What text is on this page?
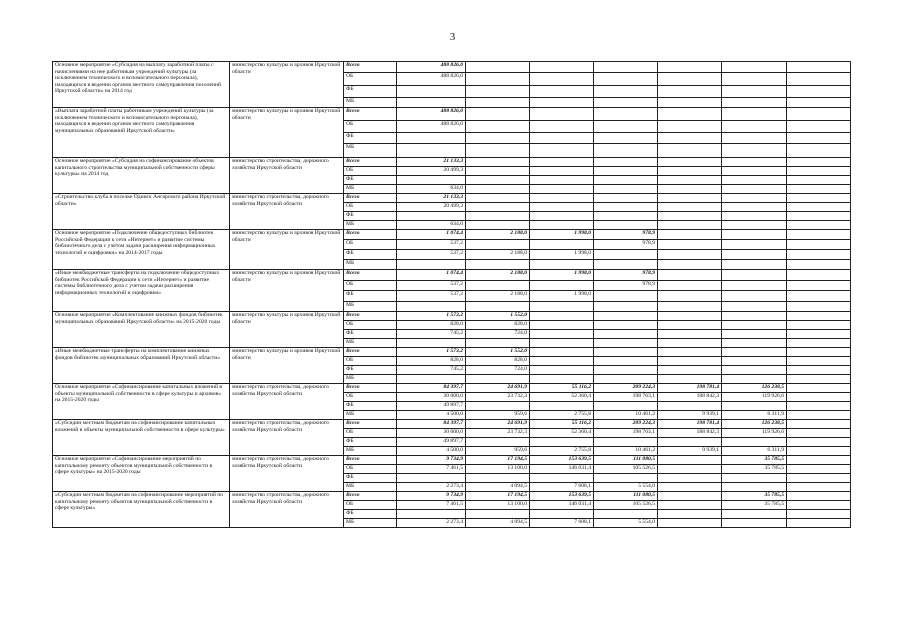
3
Основное мероприятие «Субсидия на выплату заработной платы с начислениями на нее работникам учреждений культуры (за исключением технического и вспомогательного персонала), находящихся в ведении органов местного самоуправления поселений Иркутской области» на 2014 год	министерство культуры и архивов Иркутской области	Всего	488 826,0						
		ОБ	488 826,0						
		ФБ							
		МБ							
«Выплата заработной платы работникам учреждений культуры (за исключением технического и вспомогательного персонала), находящихся в ведении органов местного самоуправления муниципальных образований Иркутской области»	министерство культуры и архивов Иркутской области	Всего	488 826,0						
		ОБ	488 826,0						
		ФБ							
		МБ							
Основное мероприятие «Субсидия на софинансирование объектов капитального строительства муниципальной собственности сферы культуры» на 2014 год	министерство строительства, дорожного хозяйства Иркутской области	Всего	21 133,3						
		ОБ	20 499,3						
		ФБ							
		МБ	634,0						
«Строительство клуба в поселке Одинск Ангарского района Иркутской области»	министерство строительства, дорожного хозяйства Иркутской области	Всего	21 133,3						
		ОБ	20 499,3						
		ФБ							
		МБ	634,0						
Основное мероприятие «Подключение общедоступных библиотек Российской Федерации к сети «Интернет» и развитие системы библиотечного дела с учетом задачи расширения информационных технологий и оцифровки» на 2014-2017 годы	министерство культуры и архивов Иркутской области	Всего	1 074,4	2 188,0	1 998,0	978,9			
		ОБ	537,2			978,9			
		ФБ	537,2	2 188,0	1 998,0				
		МБ							
«Иные межбюджетные трансферты на подключение общедоступных библиотек Российской Федерации к сети «Интернет» и развитие системы библиотечного дела с учетом задачи расширения информационных технологий и оцифровки»	министерство культуры и архивов Иркутской области	Всего	1 074,4	2 188,0	1 998,0	978,9			
		ОБ	537,2			978,9			
		ФБ	537,2	2 188,0	1 998,0				
		МБ							
Основное мероприятие «Комплектование книжных фондов библиотек муниципальных образований Иркутской области» на 2015-2020 годы	министерство культуры и архивов Иркутской области	Всего	1 573,2	1 552,0					
		ОБ	828,0	828,0					
		ФБ	745,2	724,0					
		МБ							
«Иные межбюджетные трансферты на комплектование книжных фондов библиотек муниципальных образований Иркутской области»	министерство культуры и архивов Иркутской области	Всего	1 573,2	1 552,0					
		ОБ	828,0	828,0					
		ФБ	745,2	724,0					
		МБ							
Основное мероприятие «Софинансирование капитальных вложений в объекты муниципальной собственности в сфере культуры и архивов» на 2015-2020 годы	министерство строительства, дорожного хозяйства Иркутской области	Всего	84 397,7	24 691,9	55 116,2	209 224,3	198 781,4	126 238,5	
		ОБ	30 000,0	23 732,3	52 360,4	198 763,1	188 842,3	119 926,6	
		ФБ	49 897,7						
		МБ	4 500,0	959,6	2 755,8	10 461,2	9 939,1	6 311,9	
«Субсидии местным бюджетам на софинансирование капитальных вложений в объекты муниципальной собственности в сфере культуры»	министерство строительства, дорожного хозяйства Иркутской области	Всего	84 397,7	24 691,9	55 116,2	209 224,3	198 781,4	126 238,5	
		ОБ	30 000,0	23 732,3	52 360,4	198 763,1	188 842,3	119 926,6	
		ФБ	49 897,7						
		МБ	4 500,0	959,6	2 755,8	10 461,2	9 939,1	6 311,9	
Основное мероприятие «Софинансирование мероприятий по капитальному ремонту объектов муниципальной собственности в сфере культуры» на 2015-2020 годы	министерство строительства, дорожного хозяйства Иркутской области	Всего	9 734,9	17 194,5	153 639,5	111 080,5		35 785,5	
		ОБ	7 461,5	13 100,0	146 031,4	105 526,5		35 785,5	
		ФБ							
		МБ	2 273,4	4 094,5	7 608,1	5 554,0			
«Субсидии местным бюджетам на софинансирование мероприятий по капитальному ремонту объектов муниципальной собственности в сфере культуры»	министерство строительства, дорожного хозяйства Иркутской области	Всего	9 734,9	17 194,5	153 639,5	111 080,5		35 785,5	
		ОБ	7 461,5	13 100,0	146 031,4	105 526,5		35 785,5	
		ФБ							
		МБ	2 273,4	4 094,5	7 608,1	5 554,0			
